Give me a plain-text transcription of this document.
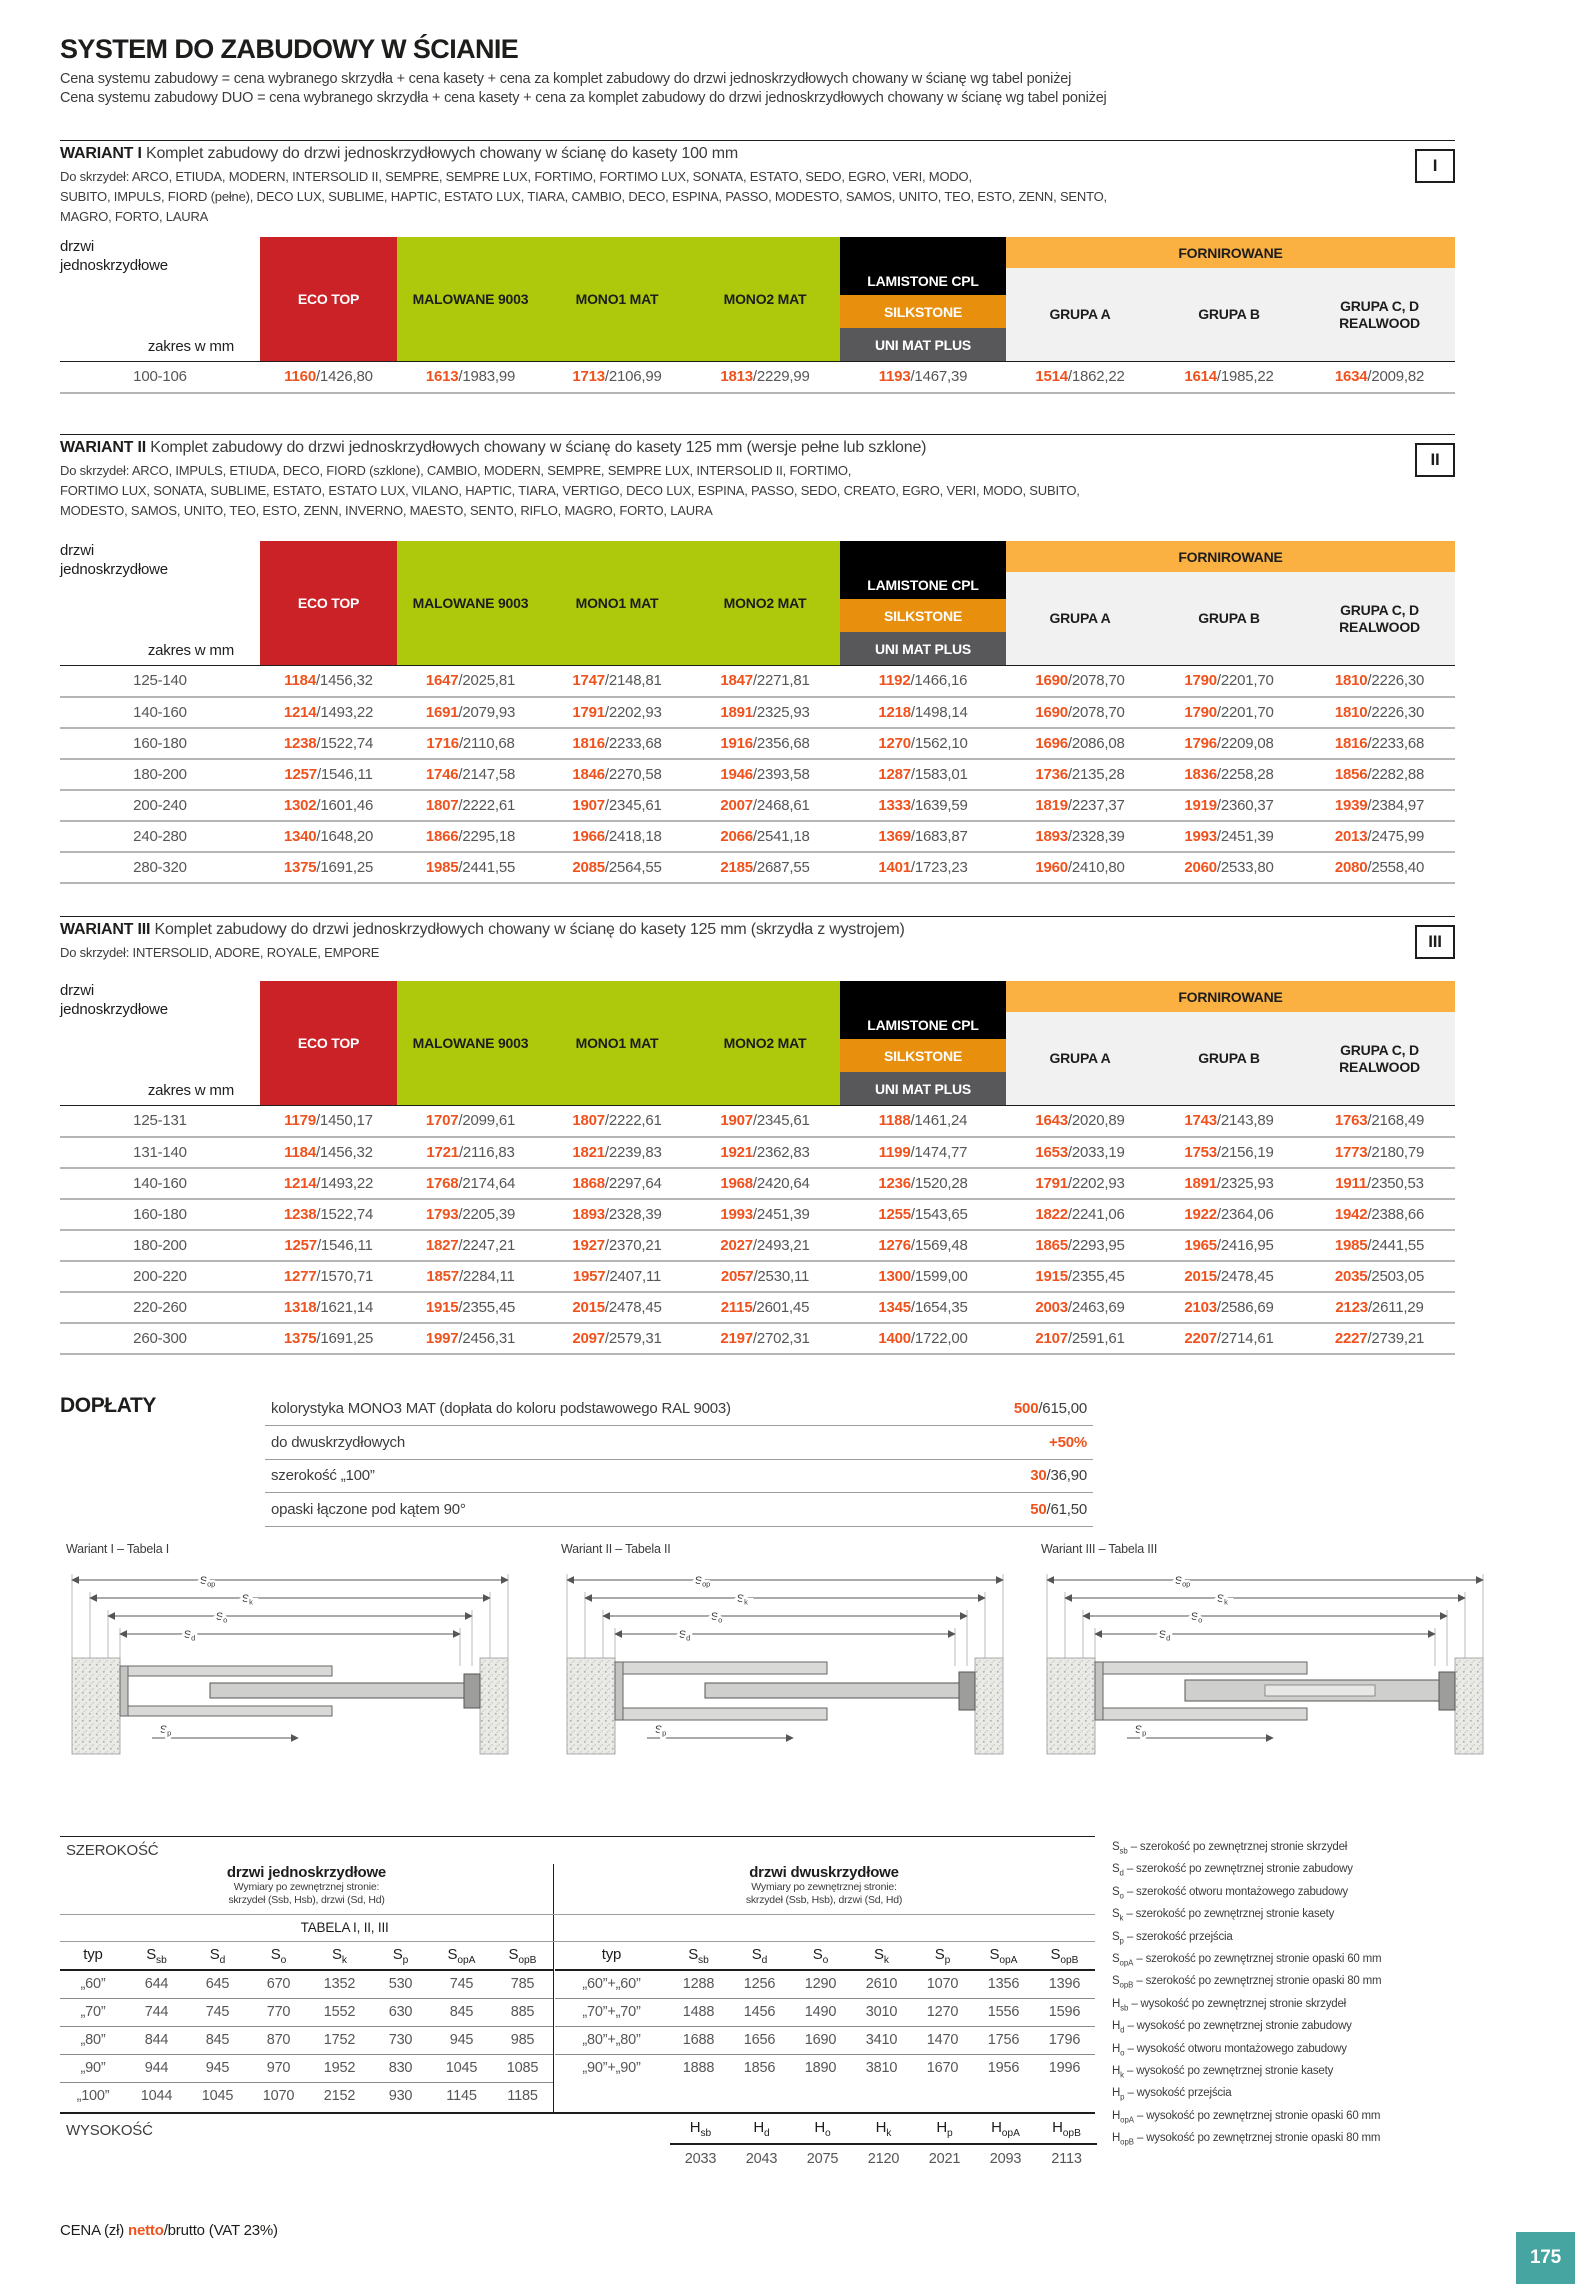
SYSTEM DO ZABUDOWY W ŚCIANIE
Cena systemu zabudowy = cena wybranego skrzydła + cena kasety + cena za komplet zabudowy do drzwi jednoskrzydłowych chowany w ścianę wg tabel poniżej
Cena systemu zabudowy DUO = cena wybranego skrzydła + cena kasety + cena za komplet zabudowy do drzwi jednoskrzydłowych chowany w ścianę wg tabel poniżej
WARIANT I Komplet zabudowy do drzwi jednoskrzydłowych chowany w ścianę do kasety 100 mm
Do skrzydeł: ARCO, ETIUDA, MODERN, INTERSOLID II, SEMPRE, SEMPRE LUX, FORTIMO, FORTIMO LUX, SONATA, ESTATO, SEDO, EGRO, VERI, MODO,
SUBITO, IMPULS, FIORD (pełne), DECO LUX, SUBLIME, HAPTIC, ESTATO LUX, TIARA, CAMBIO, DECO, ESPINA, PASSO, MODESTO, SAMOS, UNITO, TEO, ESTO, ZENN, SENTO,
MAGRO, FORTO, LAURA
I
drzwi
jednoskrzydłowe
zakres w mm
	ECO TOP	MALOWANE 9003	MONO1 MAT	MONO2 MAT	
LAMISTONE CPL
SILKSTONE
UNI MAT PLUS
	FORNIROWANE
						GRUPA A	GRUPA B	GRUPA C, D
REALWOOD

100-106	1160/1426,80	1613/1983,99	1713/2106,99	1813/2229,99	1193/1467,39	1514/1862,22	1614/1985,22	1634/2009,82
WARIANT II Komplet zabudowy do drzwi jednoskrzydłowych chowany w ścianę do kasety 125 mm (wersje pełne lub szklone)
Do skrzydeł: ARCO, IMPULS, ETIUDA, DECO, FIORD (szklone), CAMBIO, MODERN, SEMPRE, SEMPRE LUX, INTERSOLID II, FORTIMO,
FORTIMO LUX, SONATA, SUBLIME, ESTATO, ESTATO LUX, VILANO, HAPTIC, TIARA, VERTIGO, DECO LUX, ESPINA, PASSO, SEDO, CREATO, EGRO, VERI, MODO, SUBITO,
MODESTO, SAMOS, UNITO, TEO, ESTO, ZENN, INVERNO, MAESTO, SENTO, RIFLO, MAGRO, FORTO, LAURA
II
drzwi
jednoskrzydłowe
zakres w mm
	ECO TOP	MALOWANE 9003	MONO1 MAT	MONO2 MAT	
LAMISTONE CPL
SILKSTONE
UNI MAT PLUS
	FORNIROWANE
						GRUPA A	GRUPA B	GRUPA C, D
REALWOOD

125-140	1184/1456,32	1647/2025,81	1747/2148,81	1847/2271,81	1192/1466,16	1690/2078,70	1790/2201,70	1810/2226,30
140-160	1214/1493,22	1691/2079,93	1791/2202,93	1891/2325,93	1218/1498,14	1690/2078,70	1790/2201,70	1810/2226,30
160-180	1238/1522,74	1716/2110,68	1816/2233,68	1916/2356,68	1270/1562,10	1696/2086,08	1796/2209,08	1816/2233,68
180-200	1257/1546,11	1746/2147,58	1846/2270,58	1946/2393,58	1287/1583,01	1736/2135,28	1836/2258,28	1856/2282,88
200-240	1302/1601,46	1807/2222,61	1907/2345,61	2007/2468,61	1333/1639,59	1819/2237,37	1919/2360,37	1939/2384,97
240-280	1340/1648,20	1866/2295,18	1966/2418,18	2066/2541,18	1369/1683,87	1893/2328,39	1993/2451,39	2013/2475,99
280-320	1375/1691,25	1985/2441,55	2085/2564,55	2185/2687,55	1401/1723,23	1960/2410,80	2060/2533,80	2080/2558,40
WARIANT III Komplet zabudowy do drzwi jednoskrzydłowych chowany w ścianę do kasety 125 mm (skrzydła z wystrojem)
Do skrzydeł: INTERSOLID, ADORE, ROYALE, EMPORE
III
drzwi
jednoskrzydłowe
zakres w mm
	ECO TOP	MALOWANE 9003	MONO1 MAT	MONO2 MAT	
LAMISTONE CPL
SILKSTONE
UNI MAT PLUS
	FORNIROWANE
						GRUPA A	GRUPA B	GRUPA C, D
REALWOOD

125-131	1179/1450,17	1707/2099,61	1807/2222,61	1907/2345,61	1188/1461,24	1643/2020,89	1743/2143,89	1763/2168,49
131-140	1184/1456,32	1721/2116,83	1821/2239,83	1921/2362,83	1199/1474,77	1653/2033,19	1753/2156,19	1773/2180,79
140-160	1214/1493,22	1768/2174,64	1868/2297,64	1968/2420,64	1236/1520,28	1791/2202,93	1891/2325,93	1911/2350,53
160-180	1238/1522,74	1793/2205,39	1893/2328,39	1993/2451,39	1255/1543,65	1822/2241,06	1922/2364,06	1942/2388,66
180-200	1257/1546,11	1827/2247,21	1927/2370,21	2027/2493,21	1276/1569,48	1865/2293,95	1965/2416,95	1985/2441,55
200-220	1277/1570,71	1857/2284,11	1957/2407,11	2057/2530,11	1300/1599,00	1915/2355,45	2015/2478,45	2035/2503,05
220-260	1318/1621,14	1915/2355,45	2015/2478,45	2115/2601,45	1345/1654,35	2003/2463,69	2103/2586,69	2123/2611,29
260-300	1375/1691,25	1997/2456,31	2097/2579,31	2197/2702,31	1400/1722,00	2107/2591,61	2207/2714,61	2227/2739,21
DOPŁATY	kolorystyka MONO3 MAT (dopłata do koloru podstawowego RAL 9003)	500/615,00
do dwuskrzydłowych	+50%
szerokość „100”	30/36,90
opaski łączone pod kątem 90°	50/61,50
Wariant I – Tabela I	Wariant II – Tabela II	Wariant III – Tabela III
$S_{op}$
$S_k$
$S_o$
$S_d$
$S_p$
$S_{op}$
$S_k$
$S_o$
$S_d$
$S_p$
$S_{op}$
$S_k$
$S_o$
$S_d$
$S_p$
SZEROKOŚĆ
drzwi jednoskrzydłowe
Wymiary po zewnętrznej stronie:
skrzydeł (Ssb, Hsb), drzwi (Sd, Hd)
drzwi dwuskrzydłowe
Wymiary po zewnętrznej stronie:
skrzydeł (Ssb, Hsb), drzwi (Sd, Hd)
TABELA I, II, III
typ	$S_{sb}$	$S_d$	$S_o$	$S_k$	$S_p$	$S_{opA}$	$S_{opB}$
„60”	644	645	670	1352	530	745	785
„70”	744	745	770	1552	630	845	885
„80”	844	845	870	1752	730	945	985
„90”	944	945	970	1952	830	1045	1085
„100”	1044	1045	1070	2152	930	1145	1185
typ	$S_{sb}$	$S_d$	$S_o$	$S_k$	$S_p$	$S_{opA}$	$S_{opB}$
„60”+„60”	1288	1256	1290	2610	1070	1356	1396
„70”+„70”	1488	1456	1490	3010	1270	1556	1596
„80”+„80”	1688	1656	1690	3410	1470	1756	1796
„90”+„90”	1888	1856	1890	3810	1670	1956	1996
WYSOKOŚĆ	$H_{sb}$	$H_d$	$H_o$	$H_k$	$H_p$	$H_{opA}$	$H_{opB}$
2033	2043	2075	2120	2021	2093	2113
$S_{sb}$ – szerokość po zewnętrznej stronie skrzydeł
$S_d$ – szerokość po zewnętrznej stronie zabudowy
$S_o$ – szerokość otworu montażowego zabudowy
$S_k$ – szerokość po zewnętrznej stronie kasety
$S_p$ – szerokość przejścia
$S_{opA}$ – szerokość po zewnętrznej stronie opaski 60 mm
$S_{opB}$ – szerokość po zewnętrznej stronie opaski 80 mm
$H_{sb}$ – wysokość po zewnętrznej stronie skrzydeł
$H_d$ – wysokość po zewnętrznej stronie zabudowy
$H_o$ – wysokość otworu montażowego zabudowy
$H_k$ – wysokość po zewnętrznej stronie kasety
$H_p$ – wysokość przejścia
$H_{opA}$ – wysokość po zewnętrznej stronie opaski 60 mm
$H_{opB}$ – wysokość po zewnętrznej stronie opaski 80 mm
CENA (zł) netto/brutto (VAT 23%)
175
